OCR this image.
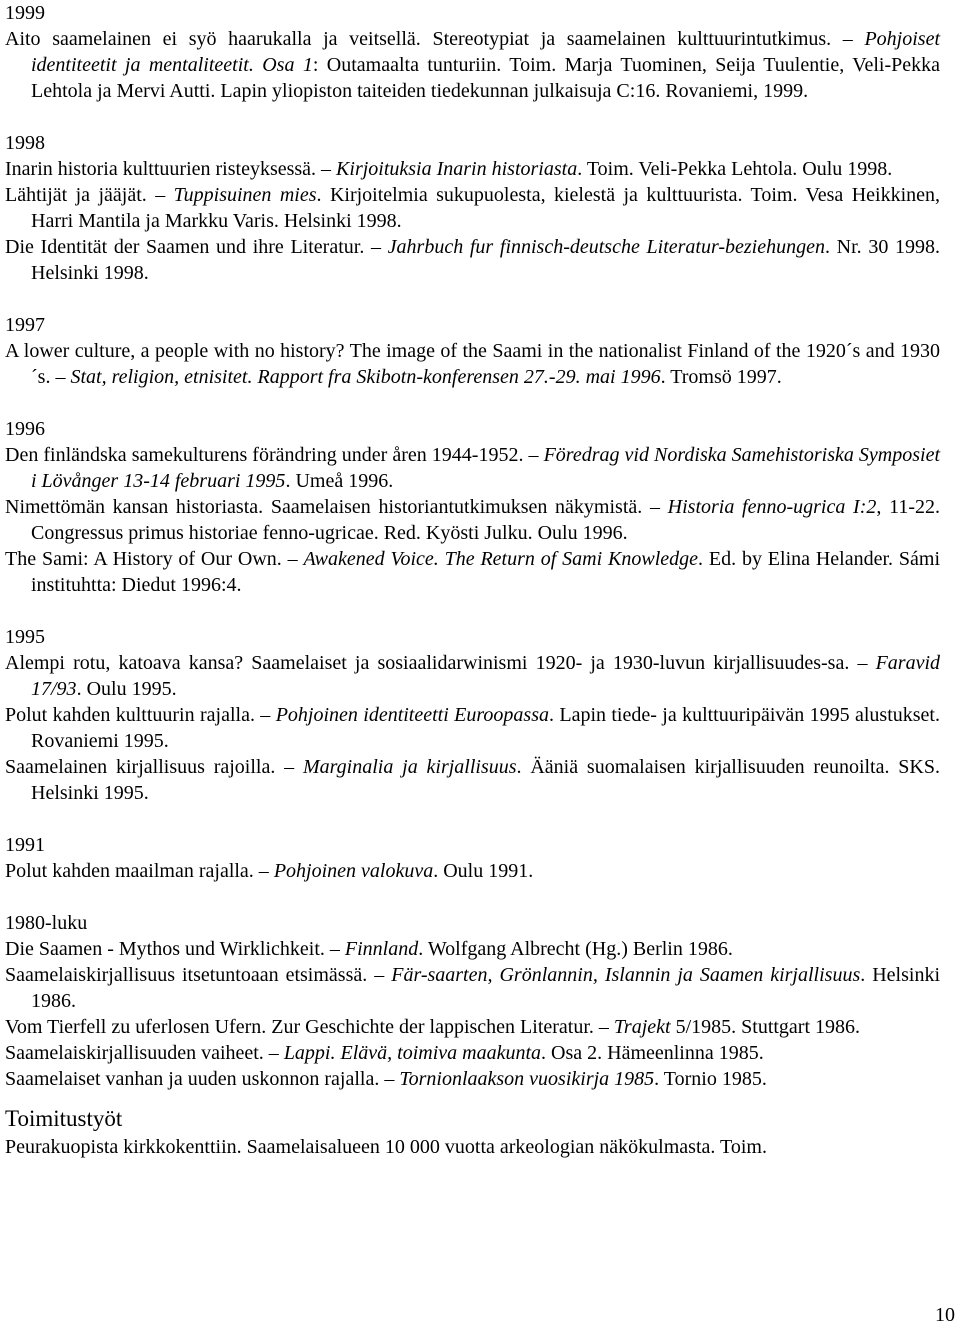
1999

Aito saamelainen ei syö haarukalla ja veitsellä. Stereotypiat ja saamelainen kulttuurintutkimus. – Pohjoiset identiteetit ja mentaliteetit. Osa 1: Outamaalta tunturiin. Toim. Marja Tuominen, Seija Tuulentie, Veli-Pekka Lehtola ja Mervi Autti. Lapin yliopiston taiteiden tiedekunnan julkaisuja C:16. Rovaniemi, 1999.

1998

Inarin historia kulttuurien risteyksessä. – Kirjoituksia Inarin historiasta. Toim. Veli-Pekka Lehtola. Oulu 1998.

Lähtijät ja jääjät. – Tuppisuinen mies. Kirjoitelmia sukupuolesta, kielestä ja kulttuurista. Toim. Vesa Heikkinen, Harri Mantila ja Markku Varis. Helsinki 1998.

Die Identität der Saamen und ihre Literatur. – Jahrbuch fur finnisch-deutsche Literatur-beziehungen. Nr. 30 1998. Helsinki 1998.

1997

A lower culture, a people with no history? The image of the Saami in the nationalist Finland of the 1920´s and 1930´s. – Stat, religion, etnisitet. Rapport fra Skibotn-konferensen 27.-29. mai 1996. Tromsö 1997.

1996

Den finländska samekulturens förändring under åren 1944-1952. – Föredrag vid Nordiska Samehistoriska Symposiet i Lövånger 13-14 februari 1995. Umeå 1996.

Nimettömän kansan historiasta. Saamelaisen historiantutkimuksen näkymistä. – Historia fenno-ugrica I:2, 11-22. Congressus primus historiae fenno-ugricae. Red. Kyösti Julku. Oulu 1996.

The Sami: A History of Our Own. – Awakened Voice. The Return of Sami Knowledge. Ed. by Elina Helander. Sámi instituhtta: Diedut 1996:4.

1995

Alempi rotu, katoava kansa? Saamelaiset ja sosiaalidarwinismi 1920- ja 1930-luvun kirjallisuudes-sa. – Faravid 17/93. Oulu 1995.

Polut kahden kulttuurin rajalla. – Pohjoinen identiteetti Euroopassa. Lapin tiede- ja kulttuuripäivän 1995 alustukset. Rovaniemi 1995.

Saamelainen kirjallisuus rajoilla. – Marginalia ja kirjallisuus. Ääniä suomalaisen kirjallisuuden reunoilta. SKS. Helsinki 1995.

1991

Polut kahden maailman rajalla. – Pohjoinen valokuva. Oulu 1991.

1980-luku

Die Saamen - Mythos und Wirklichkeit. – Finnland. Wolfgang Albrecht (Hg.) Berlin 1986.

Saamelaiskirjallisuus itsetuntoaan etsimässä. – Fär-saarten, Grönlannin, Islannin ja Saamen kirjallisuus. Helsinki 1986.

Vom Tierfell zu uferlosen Ufern. Zur Geschichte der lappischen Literatur. – Trajekt 5/1985. Stuttgart 1986.

Saamelaiskirjallisuuden vaiheet. – Lappi. Elävä, toimiva maakunta. Osa 2. Hämeenlinna 1985.

Saamelaiset vanhan ja uuden uskonnon rajalla. – Tornionlaakson vuosikirja 1985. Tornio 1985.

Toimitustyöt

Peurakuopista kirkkokenttiin. Saamelaisalueen 10 000 vuotta arkeologian näkökulmasta. Toim.

10
